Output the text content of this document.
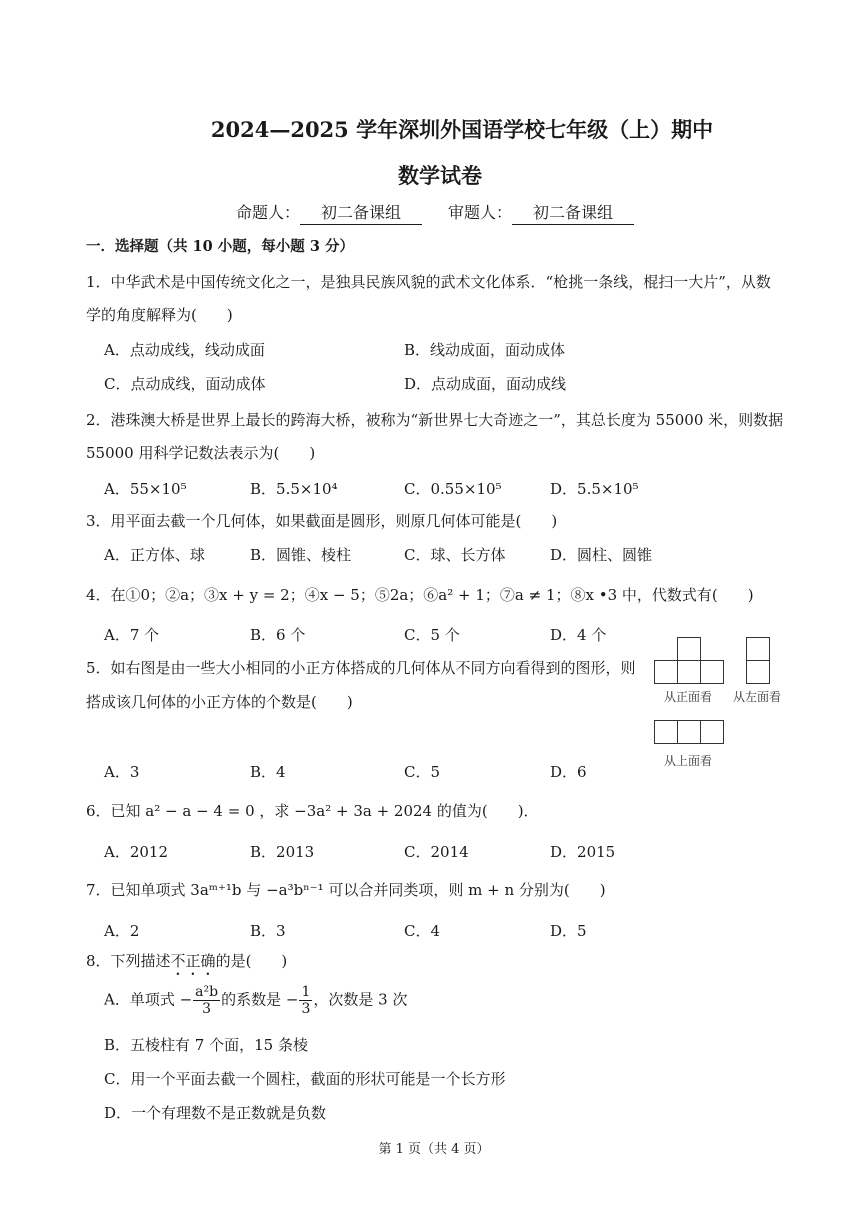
2024—2025 学年深圳外国语学校七年级（上）期中
数学试卷
命题人： 初二备课组	审题人： 初二备课组
一．选择题（共 10 小题，每小题 3 分）
1．中华武术是中国传统文化之一，是独具民族风貌的武术文化体系．“枪挑一条线，棍扫一大片”，从数
学的角度解释为(　　)
A．点动成线，线动成面	B．线动成面，面动成体
C．点动成线，面动成体	D．点动成面，面动成线
2．港珠澳大桥是世界上最长的跨海大桥，被称为“新世界七大奇迹之一”，其总长度为 55000 米，则数据
55000 用科学记数法表示为(　　)
A．55×10⁵	B．5.5×10⁴	C．0.55×10⁵	D．5.5×10⁵
3．用平面去截一个几何体，如果截面是圆形，则原几何体可能是(　　)
A．正方体、球	B．圆锥、棱柱	C．球、长方体	D．圆柱、圆锥
4．在①0；②a；③x + y = 2；④x − 5；⑤2a；⑥a² + 1；⑦a ≠ 1；⑧x •3 中，代数式有(　　)
A．7 个	B．6 个	C．5 个	D．4 个
5．如右图是由一些大小相同的小正方体搭成的几何体从不同方向看得到的图形，则
搭成该几何体的小正方体的个数是(　　)
A．3	B．4	C．5	D．6
从正面看 从左面看
从上面看
6．已知 a² − a − 4 = 0 ，求 −3a² + 3a + 2024 的值为(　　)．
A．2012	B．2013	C．2014	D．2015
7．已知单项式 3aᵐ⁺¹b 与 −a³bⁿ⁻¹ 可以合并同类项，则 m + n 分别为(　　)
A．2	B．3	C．4	D．5
8．下列描述不正确的是(　　)
A．单项式 − $\frac{\text{a²b}}{3}$ 的系数是 − $\frac{1}{3}$ ，次数是 3 次
B．五棱柱有 7 个面，15 条棱
C．用一个平面去截一个圆柱，截面的形状可能是一个长方形
D．一个有理数不是正数就是负数
第 1 页（共 4 页）
